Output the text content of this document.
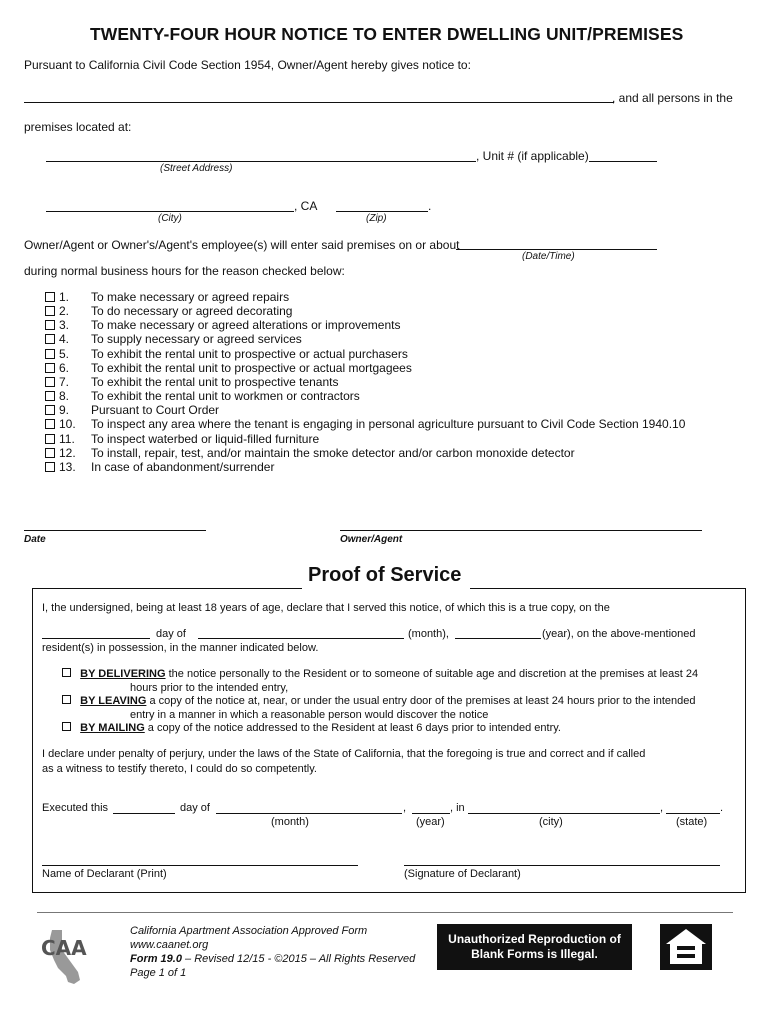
TWENTY-FOUR HOUR NOTICE TO ENTER DWELLING UNIT/PREMISES
Pursuant to California Civil Code Section 1954, Owner/Agent hereby gives notice to:
, and all persons in the
premises located at:
, Unit # (if applicable)
(Street Address)
, CA	.
(City)	(Zip)
Owner/Agent or Owner's/Agent's employee(s) will enter said premises on or about
(Date/Time)
during normal business hours for the reason checked below:
1. To make necessary or agreed repairs
2. To do necessary or agreed decorating
3. To make necessary or agreed alterations or improvements
4. To supply necessary or agreed services
5. To exhibit the rental unit to prospective or actual purchasers
6. To exhibit the rental unit to prospective or actual mortgagees
7. To exhibit the rental unit to prospective tenants
8. To exhibit the rental unit to workmen or contractors
9. Pursuant to Court Order
10. To inspect any area where the tenant is engaging in personal agriculture pursuant to Civil Code Section 1940.10
11. To inspect waterbed or liquid-filled furniture
12. To install, repair, test, and/or maintain the smoke detector and/or carbon monoxide detector
13. In case of abandonment/surrender
Date	Owner/Agent
Proof of Service
I, the undersigned, being at least 18 years of age, declare that I served this notice, of which this is a true copy, on the
day of	(month),	(year), on the above-mentioned
resident(s) in possession, in the manner indicated below.
BY DELIVERING the notice personally to the Resident or to someone of suitable age and discretion at the premises at least 24
hours prior to the intended entry,
BY LEAVING a copy of the notice at, near, or under the usual entry door of the premises at least 24 hours prior to the intended
entry in a manner in which a reasonable person would discover the notice
BY MAILING a copy of the notice addressed to the Resident at least 6 days prior to intended entry.
I declare under penalty of perjury, under the laws of the State of California, that the foregoing is true and correct and if called
as a witness to testify thereto, I could do so competently.
Executed this	day of	,	, in	,	.
(month)	(year)	(city)	(state)
Name of Declarant (Print)	(Signature of Declarant)
CAA
California Apartment Association Approved Form
www.caanet.org
Form 19.0 – Revised 12/15 - ©2015 – All Rights Reserved
Page 1 of 1
Unauthorized Reproduction of
Blank Forms is Illegal.
